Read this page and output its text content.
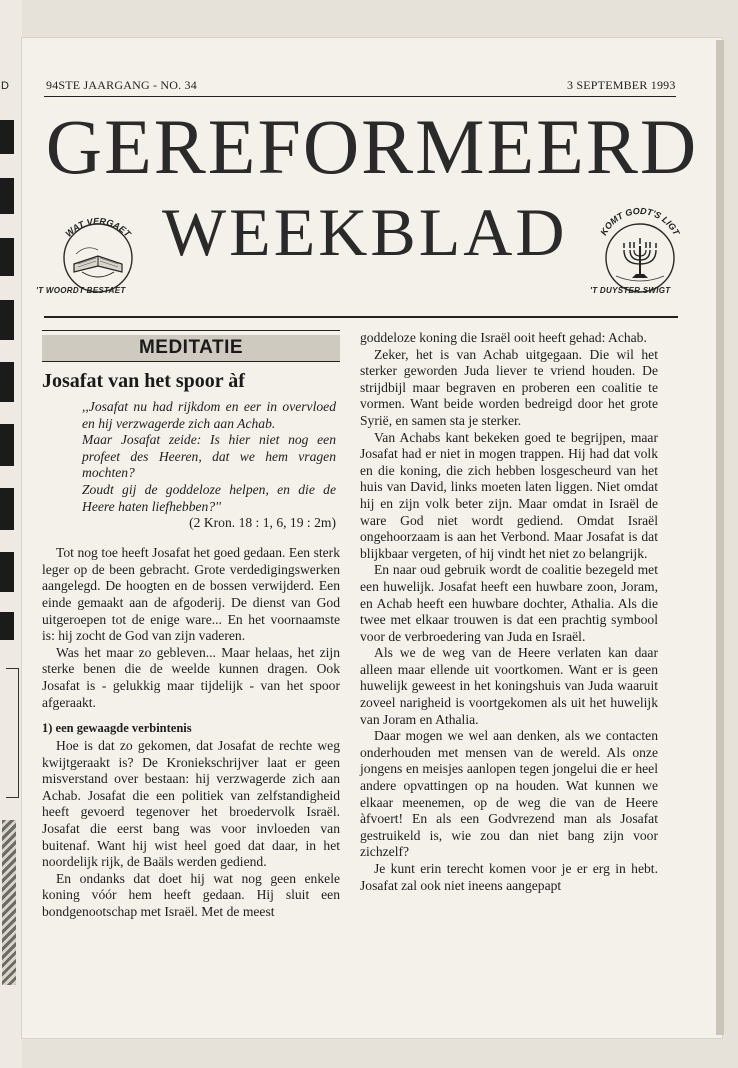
D	94STE JAARGANG - NO. 34	3 SEPTEMBER 1993
GEREFORMEERD
WEEKBLAD
WAT VERGAET
'T WOORDT BESTAET
KOMT GODT'S LIGT
'T DUYSTER SWIGT
MEDITATIE
Josafat van het spoor àf

,,Josafat nu had rijkdom en eer in overvloed en hij verzwagerde zich aan Achab.

Maar Josafat zeide: Is hier niet nog een profeet des Heeren, dat we hem vragen mochten?

Zoudt gij de goddeloze helpen, en die de Heere haten liefhebben?''

(2 Kron. 18 : 1, 6, 19 : 2m)

Tot nog toe heeft Josafat het goed gedaan. Een sterk leger op de been gebracht. Grote verdedigingswerken aangelegd. De hoogten en de bossen verwijderd. Een einde gemaakt aan de afgoderij. De dienst van God uitgeroepen tot de enige ware... En het voornaamste is: hij zocht de God van zijn vaderen.

Was het maar zo gebleven... Maar helaas, het zijn sterke benen die de weelde kunnen dragen. Ook Josafat is - gelukkig maar tijdelijk - van het spoor afgeraakt.

1) een gewaagde verbintenis

Hoe is dat zo gekomen, dat Josafat de rechte weg kwijtgeraakt is? De Kroniekschrijver laat er geen misverstand over bestaan: hij verzwagerde zich aan Achab. Josafat die een politiek van zelfstandigheid heeft gevoerd tegenover het broedervolk Israël. Josafat die eerst bang was voor invloeden van buitenaf. Want hij wist heel goed dat daar, in het noordelijk rijk, de Baäls werden gediend.

En ondanks dat doet hij wat nog geen enkele koning vóór hem heeft gedaan. Hij sluit een bondgenootschap met Israël. Met de meest

goddeloze koning die Israël ooit heeft gehad: Achab.

Zeker, het is van Achab uitgegaan. Die wil het sterker geworden Juda liever te vriend houden. De strijdbijl maar begraven en proberen een coalitie te vormen. Want beide worden bedreigd door het grote Syrië, en samen sta je sterker.

Van Achabs kant bekeken goed te begrijpen, maar Josafat had er niet in mogen trappen. Hij had dat volk en die koning, die zich hebben losgescheurd van het huis van David, links moeten laten liggen. Niet omdat hij en zijn volk beter zijn. Maar omdat in Israël de ware God niet wordt gediend. Omdat Israël ongehoorzaam is aan het Verbond. Maar Josafat is dat blijkbaar vergeten, of hij vindt het niet zo belangrijk.

En naar oud gebruik wordt de coalitie bezegeld met een huwelijk. Josafat heeft een huwbare zoon, Joram, en Achab heeft een huwbare dochter, Athalia. Als die twee met elkaar trouwen is dat een prachtig symbool voor de verbroedering van Juda en Israël.

Als we de weg van de Heere verlaten kan daar alleen maar ellende uit voortkomen. Want er is geen huwelijk geweest in het koningshuis van Juda waaruit zoveel narigheid is voortgekomen als uit het huwelijk van Joram en Athalia.

Daar mogen we wel aan denken, als we contacten onderhouden met mensen van de wereld. Als onze jongens en meisjes aanlopen tegen jongelui die er heel andere opvattingen op na houden. Wat kunnen we elkaar meenemen, op de weg die van de Heere àfvoert! En als een Godvrezend man als Josafat gestruikeld is, wie zou dan niet bang zijn voor zichzelf?

Je kunt erin terecht komen voor je er erg in hebt. Josafat zal ook niet ineens aangepapt
